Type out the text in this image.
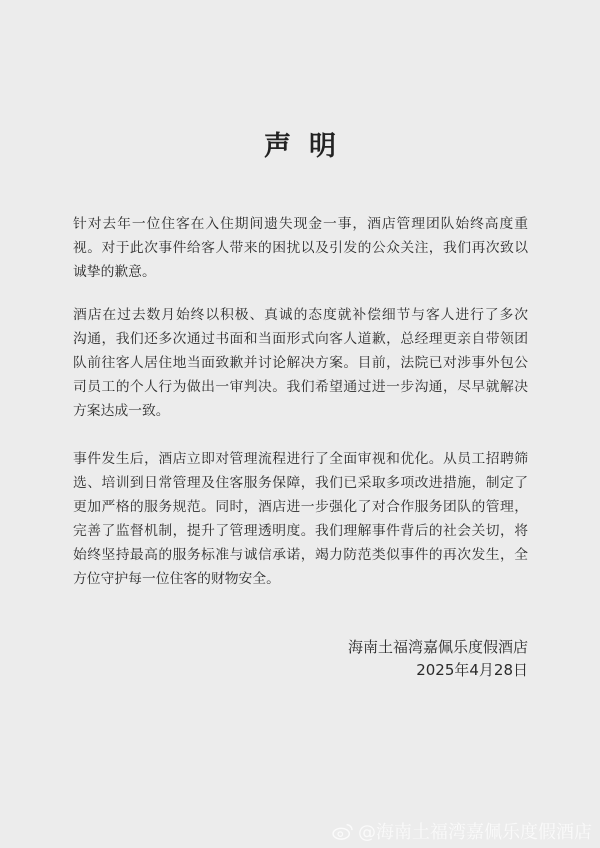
声明
针对去年一位住客在入住期间遗失现金一事，酒店管理团队始终高度重
视。对于此次事件给客人带来的困扰以及引发的公众关注，我们再次致以
诚挚的歉意。
酒店在过去数月始终以积极、真诚的态度就补偿细节与客人进行了多次
沟通，我们还多次通过书面和当面形式向客人道歉，总经理更亲自带领团
队前往客人居住地当面致歉并讨论解决方案。目前，法院已对涉事外包公
司员工的个人行为做出一审判决。我们希望通过进一步沟通，尽早就解决
方案达成一致。
事件发生后，酒店立即对管理流程进行了全面审视和优化。从员工招聘筛
选、培训到日常管理及住客服务保障，我们已采取多项改进措施，制定了
更加严格的服务规范。同时，酒店进一步强化了对合作服务团队的管理，
完善了监督机制，提升了管理透明度。我们理解事件背后的社会关切，将
始终坚持最高的服务标准与诚信承诺，竭力防范类似事件的再次发生，全
方位守护每一位住客的财物安全。
海南土福湾嘉佩乐度假酒店
2025年4月28日
@海南土福湾嘉佩乐度假酒店
